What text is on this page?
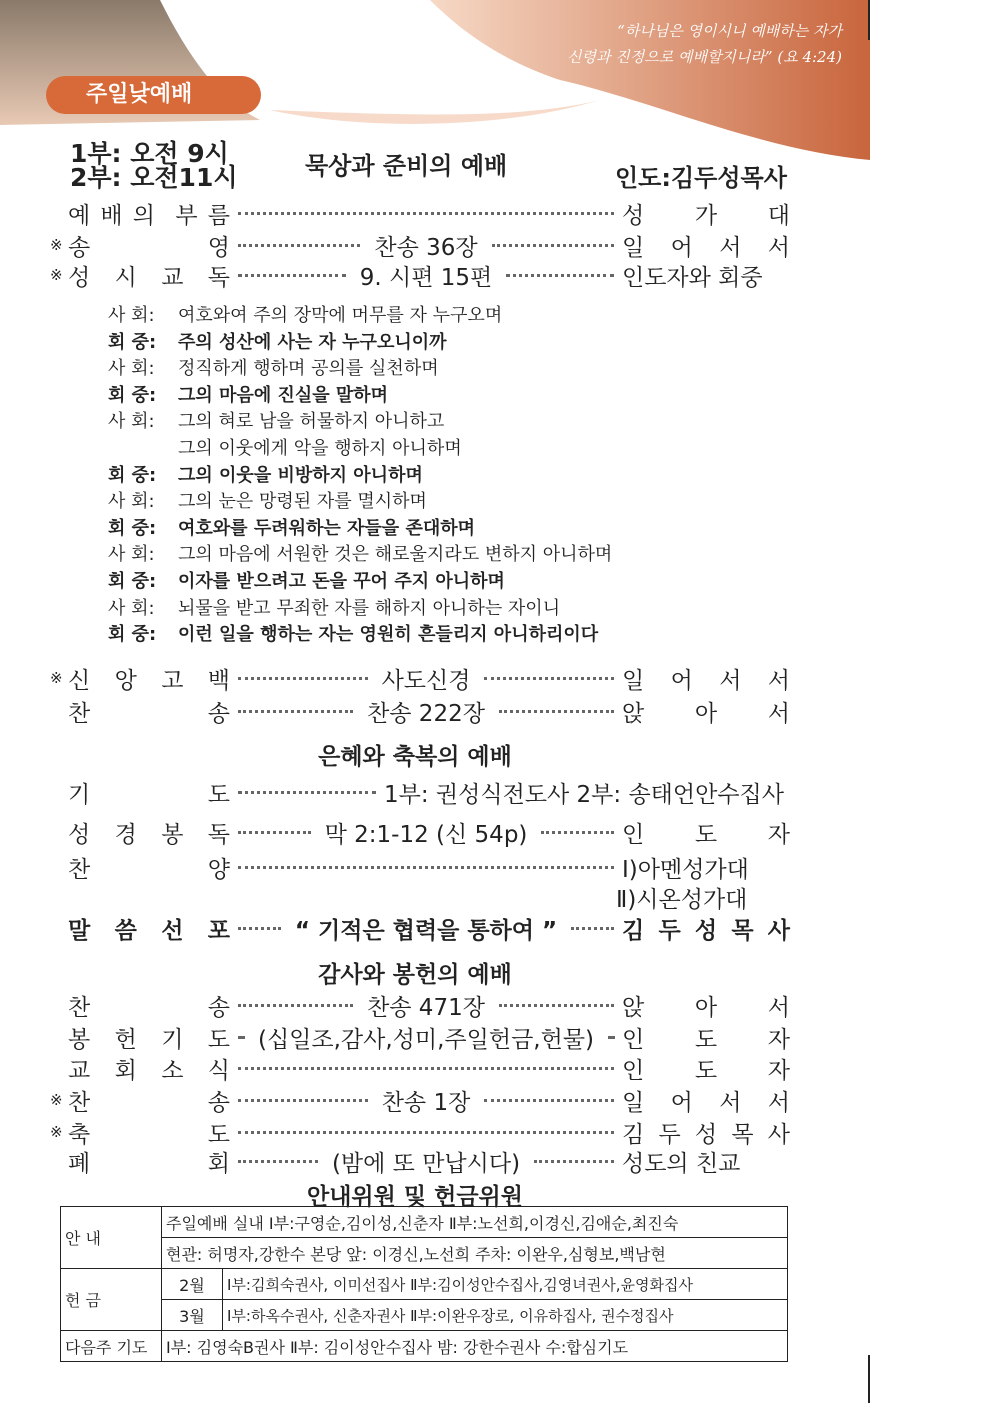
“하나님은 영이시니 예배하는 자가
신령과 진정으로 예배할지니라” (요 4:24)
주일낮예배
1부: 오전 9시
2부: 오전11시	묵상과 준비의 예배	인도:김두성목사
예 배 의 부 름	성 가 대
※ 송	영	찬송 36장	일 어 서 서
※ 성 시 교 독	9. 시편 15편	인도자와 회중
사 회: 여호와여 주의 장막에 머무를 자 누구오며
회 중: 주의 성산에 사는 자 누구오니이까
사 회: 정직하게 행하며 공의를 실천하며
회 중: 그의 마음에 진실을 말하며
사 회: 그의 혀로 남을 허물하지 아니하고
그의 이웃에게 악을 행하지 아니하며
회 중: 그의 이웃을 비방하지 아니하며
사 회: 그의 눈은 망령된 자를 멸시하며
회 중: 여호와를 두려워하는 자들을 존대하며
사 회: 그의 마음에 서원한 것은 해로울지라도 변하지 아니하며
회 중: 이자를 받으려고 돈을 꾸어 주지 아니하며
사 회: 뇌물을 받고 무죄한 자를 해하지 아니하는 자이니
회 중: 이런 일을 행하는 자는 영원히 흔들리지 아니하리이다
※ 신 앙 고 백	사도신경	일 어 서 서
찬	송	찬송 222장	앉 아 서
은혜와 축복의 예배
기	도	1부: 권성식전도사 2부: 송태언안수집사
성 경 봉 독	막 2:1-12 (신 54p)	인 도 자
찬	양	Ⅰ)아멘성가대
Ⅱ)시온성가대
말 씀 선 포	“ 기적은 협력을 통하여 ”	김 두 성 목 사
감사와 봉헌의 예배
찬	송	찬송 471장	앉 아 서
봉 헌 기 도	(십일조,감사,성미,주일헌금,헌물)	인 도 자
교 회 소 식	인 도 자
※ 찬	송	찬송 1장	일 어 서 서
※ 축	도	김 두 성 목 사
폐	회	(밤에 또 만납시다)	성도의 친교
안내위원 및 헌금위원
안 내	주일예배 실내 Ⅰ부:구영순,김이성,신춘자 Ⅱ부:노선희,이경신,김애순,최진숙	
	현관: 허명자,강한수 본당 앞: 이경신,노선희 주차: 이완우,심형보,백남현	
헌 금	2월	Ⅰ부:김희숙권사, 이미선집사 Ⅱ부:김이성안수집사,김영녀권사,윤영화집사
	3월	Ⅰ부:하옥수권사, 신춘자권사 Ⅱ부:이완우장로, 이유하집사, 권수정집사
다음주 기도	Ⅰ부: 김영숙B권사 Ⅱ부: 김이성안수집사 밤: 강한수권사 수:합심기도	
